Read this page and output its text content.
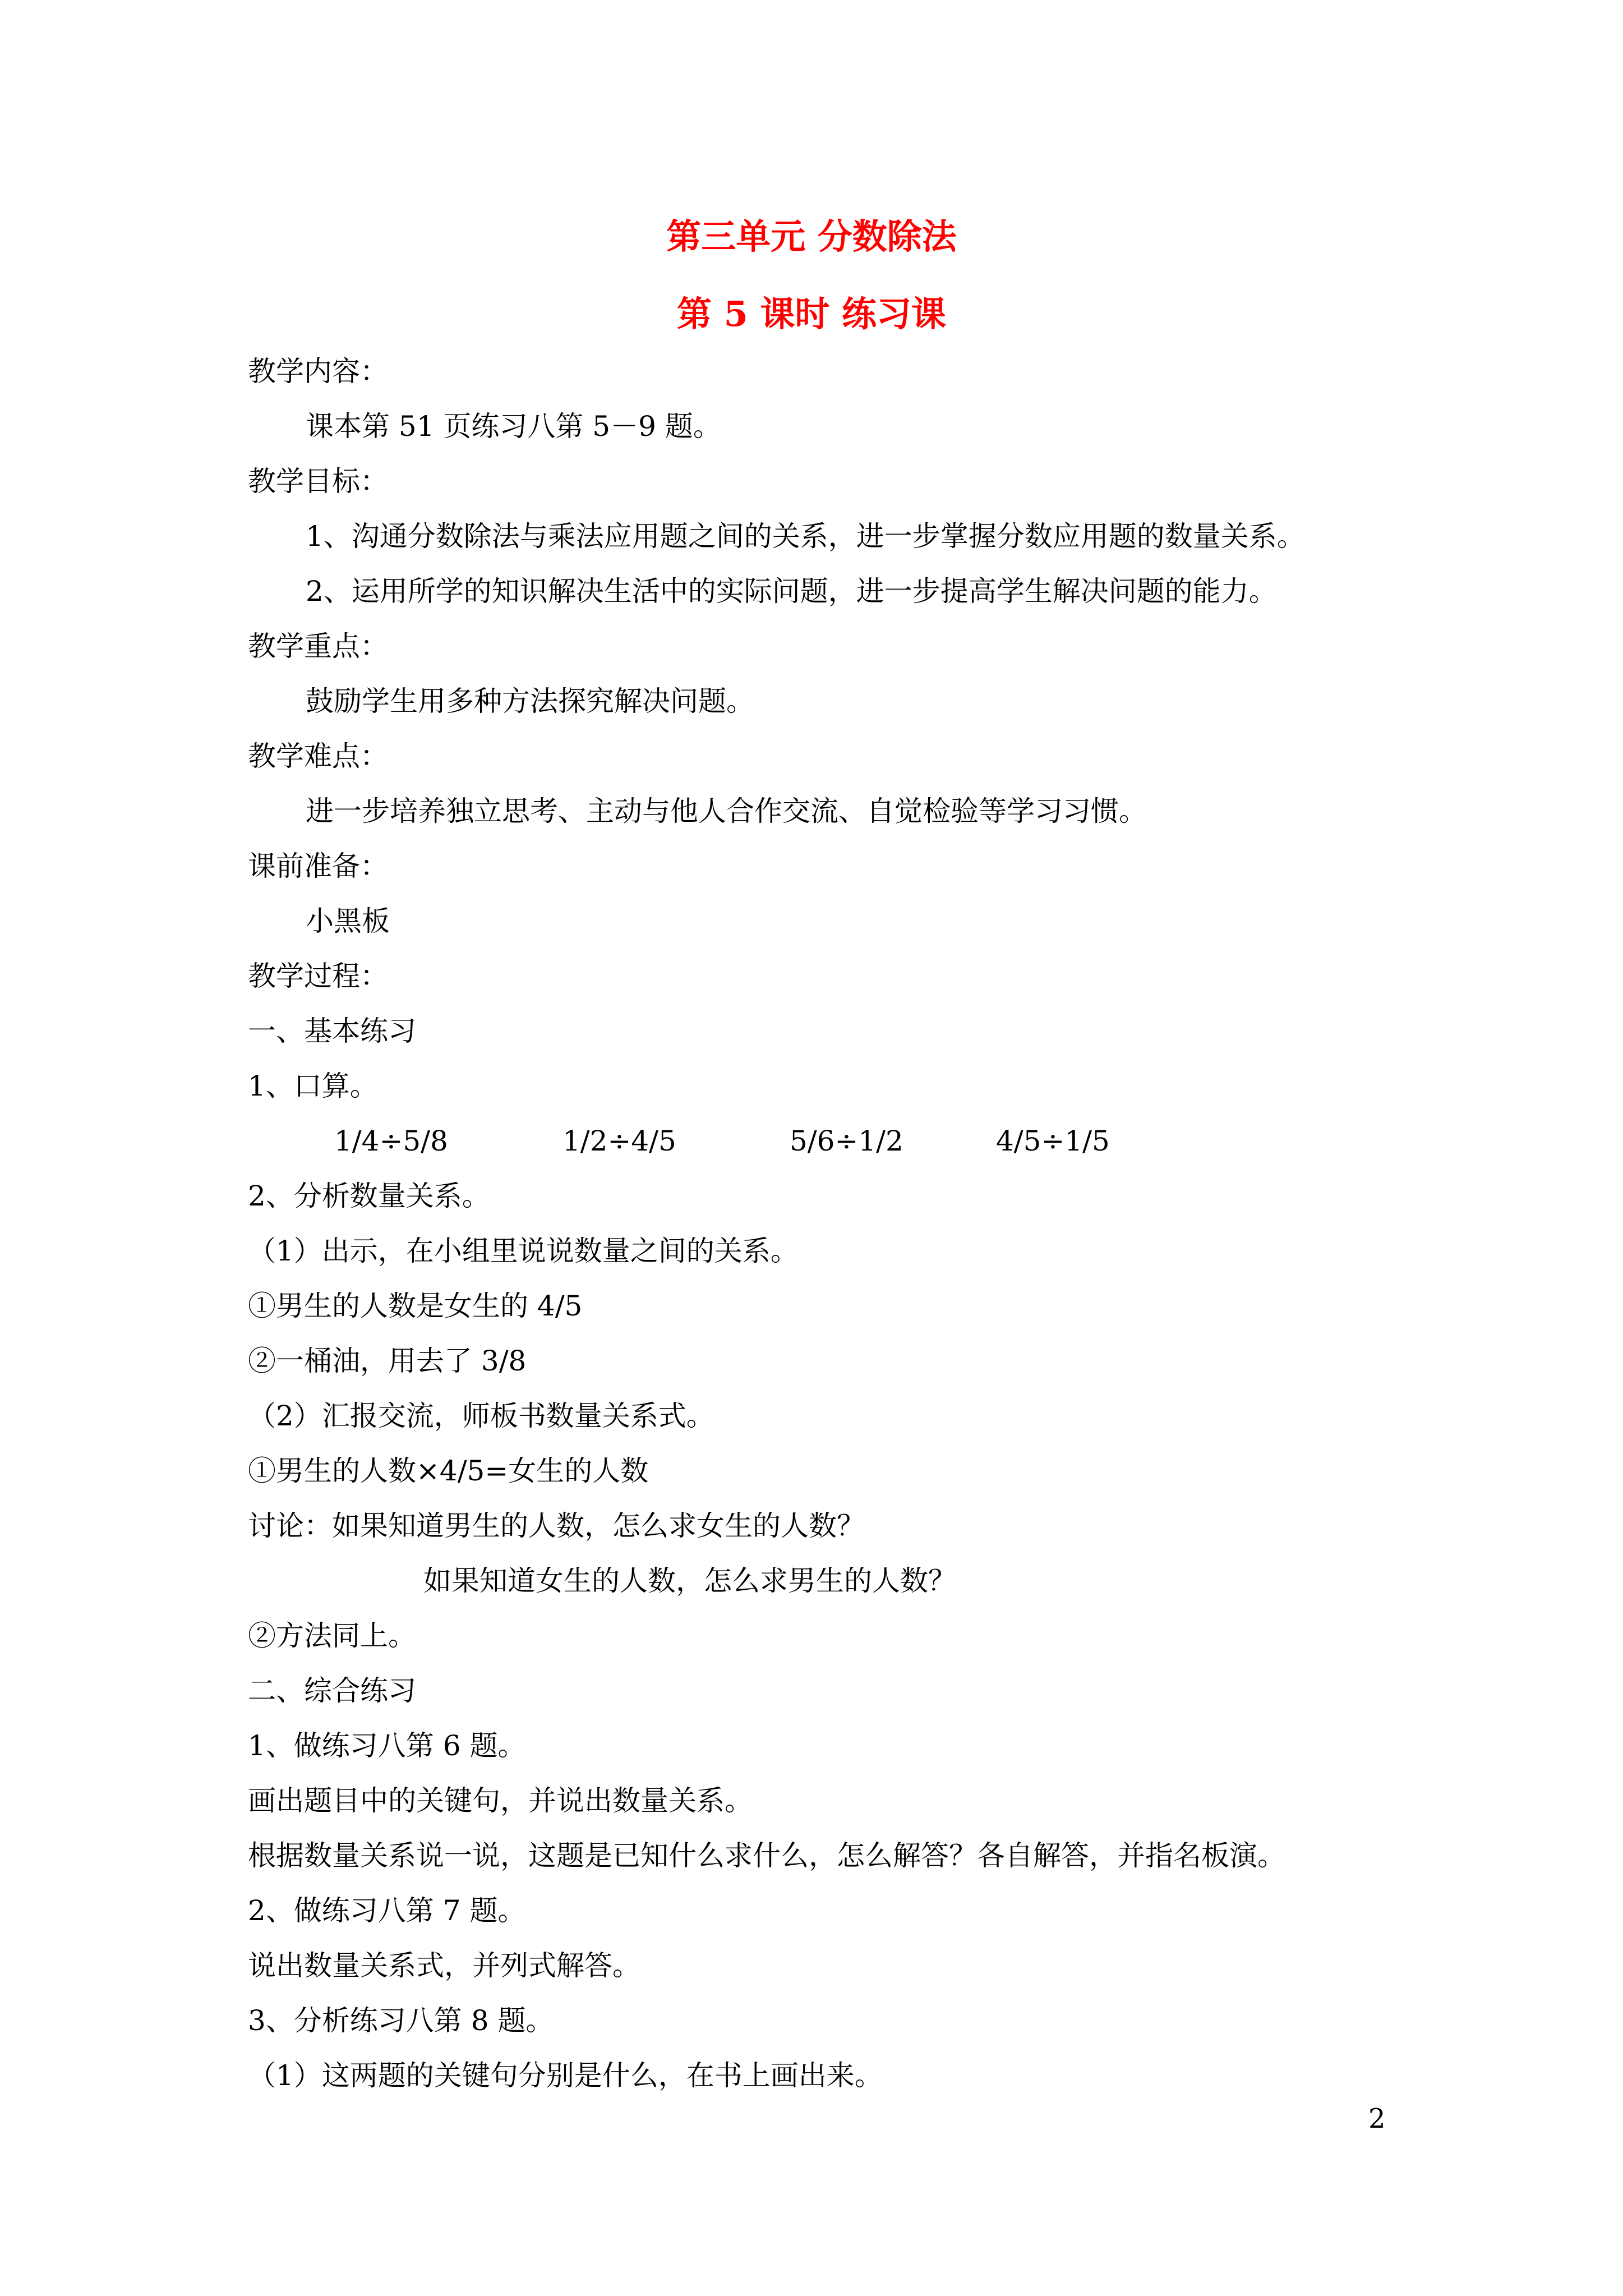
第三单元 分数除法
第 5 课时 练习课
教学内容：
课本第 51 页练习八第 5－9 题。
教学目标：
1、沟通分数除法与乘法应用题之间的关系，进一步掌握分数应用题的数量关系。
2、运用所学的知识解决生活中的实际问题，进一步提高学生解决问题的能力。
教学重点：
鼓励学生用多种方法探究解决问题。
教学难点：
进一步培养独立思考、主动与他人合作交流、自觉检验等学习习惯。
课前准备：
小黑板
教学过程：
一、基本练习
1、口算。
1/4÷5/8	1/2÷4/5	5/6÷1/2	4/5÷1/5
2、分析数量关系。
（1）出示，在小组里说说数量之间的关系。
①男生的人数是女生的 4/5
②一桶油，用去了 3/8
（2）汇报交流，师板书数量关系式。
①男生的人数×4/5=女生的人数
讨论：如果知道男生的人数，怎么求女生的人数？
如果知道女生的人数，怎么求男生的人数？
②方法同上。
二、综合练习
1、做练习八第 6 题。
画出题目中的关键句，并说出数量关系。
根据数量关系说一说，这题是已知什么求什么，怎么解答？各自解答，并指名板演。
2、做练习八第 7 题。
说出数量关系式，并列式解答。
3、分析练习八第 8 题。
（1）这两题的关键句分别是什么，在书上画出来。
2
